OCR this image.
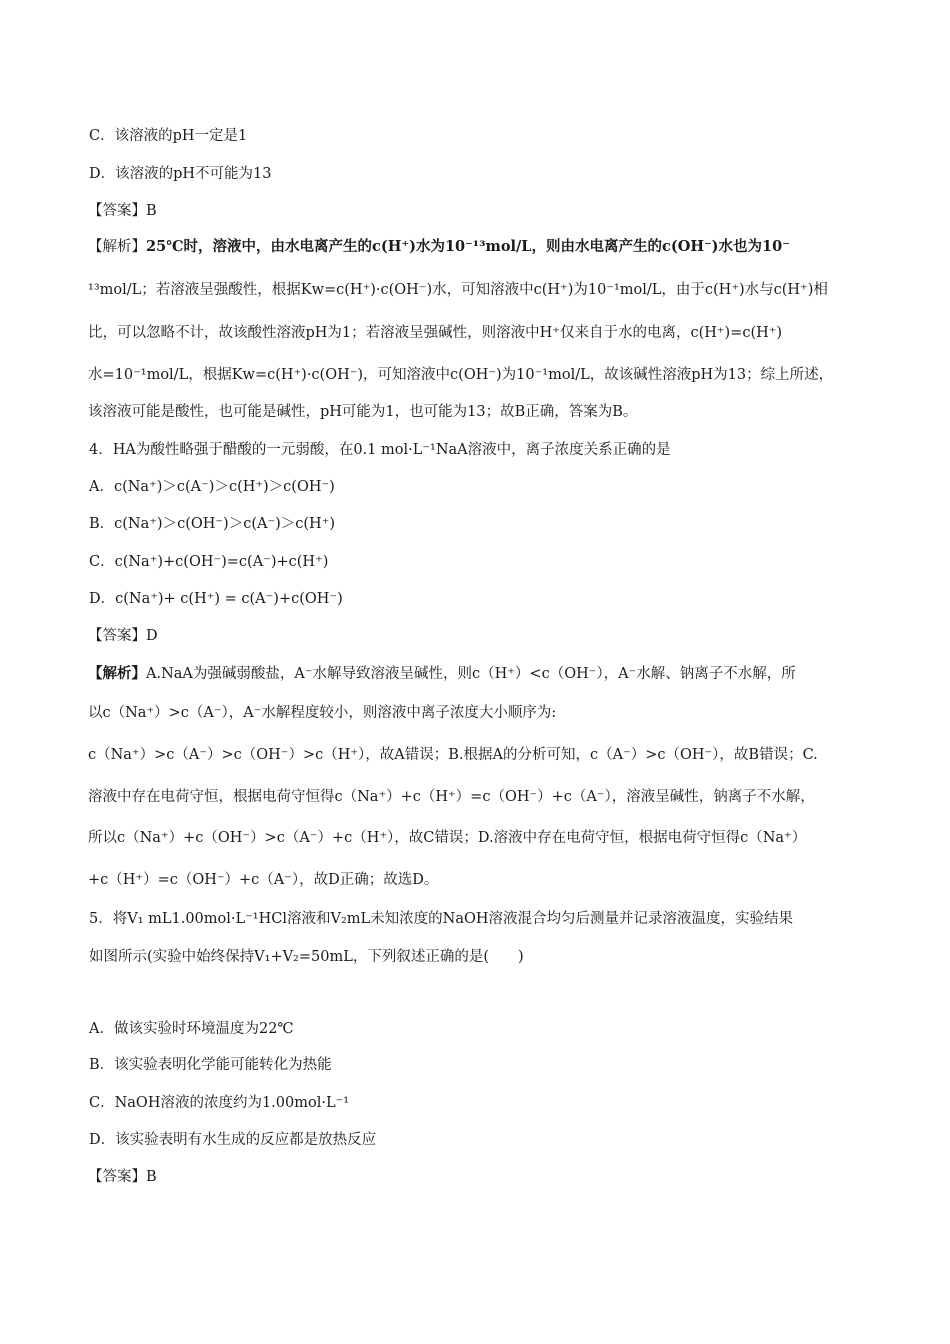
C．该溶液的pH一定是1
D．该溶液的pH不可能为13
【答案】B
【解析】25℃时，溶液中，由水电离产生的c(H⁺)水为10⁻¹³mol/L，则由水电离产生的c(OH⁻)水也为10⁻
¹³mol/L；若溶液呈强酸性，根据Kw=c(H⁺)·c(OH⁻)水，可知溶液中c(H⁺)为10⁻¹mol/L，由于c(H⁺)水与c(H⁺)相
比，可以忽略不计，故该酸性溶液pH为1；若溶液呈强碱性，则溶液中H⁺仅来自于水的电离，c(H⁺)=c(H⁺)
水=10⁻¹mol/L，根据Kw=c(H⁺)·c(OH⁻)，可知溶液中c(OH⁻)为10⁻¹mol/L，故该碱性溶液pH为13；综上所述，
该溶液可能是酸性，也可能是碱性，pH可能为1，也可能为13；故B正确，答案为B。
4．HA为酸性略强于醋酸的一元弱酸，在0.1 mol·L⁻¹NaA溶液中，离子浓度关系正确的是
A．c(Na⁺)＞c(A⁻)＞c(H⁺)＞c(OH⁻)
B．c(Na⁺)＞c(OH⁻)＞c(A⁻)＞c(H⁺)
C．c(Na⁺)+c(OH⁻)=c(A⁻)+c(H⁺)
D．c(Na⁺)+ c(H⁺) = c(A⁻)+c(OH⁻)
【答案】D
【解析】A.NaA为强碱弱酸盐，A⁻水解导致溶液呈碱性，则c（H⁺）<c（OH⁻），A⁻水解、钠离子不水解，所
以c（Na⁺）>c（A⁻），A⁻水解程度较小，则溶液中离子浓度大小顺序为:
c（Na⁺）>c（A⁻）>c（OH⁻）>c（H⁺），故A错误；B.根据A的分析可知，c（A⁻）>c（OH⁻），故B错误；C.
溶液中存在电荷守恒，根据电荷守恒得c（Na⁺）+c（H⁺）=c（OH⁻）+c（A⁻），溶液呈碱性，钠离子不水解，
所以c（Na⁺）+c（OH⁻）>c（A⁻）+c（H⁺），故C错误；D.溶液中存在电荷守恒，根据电荷守恒得c（Na⁺）
+c（H⁺）=c（OH⁻）+c（A⁻），故D正确；故选D。
5．将V₁ mL1.00mol·L⁻¹HCl溶液和V₂mL未知浓度的NaOH溶液混合均匀后测量并记录溶液温度，实验结果
如图所示(实验中始终保持V₁+V₂=50mL，下列叙述正确的是(　　)
A．做该实验时环境温度为22℃
B．该实验表明化学能可能转化为热能
C．NaOH溶液的浓度约为1.00mol·L⁻¹
D．该实验表明有水生成的反应都是放热反应
【答案】B
